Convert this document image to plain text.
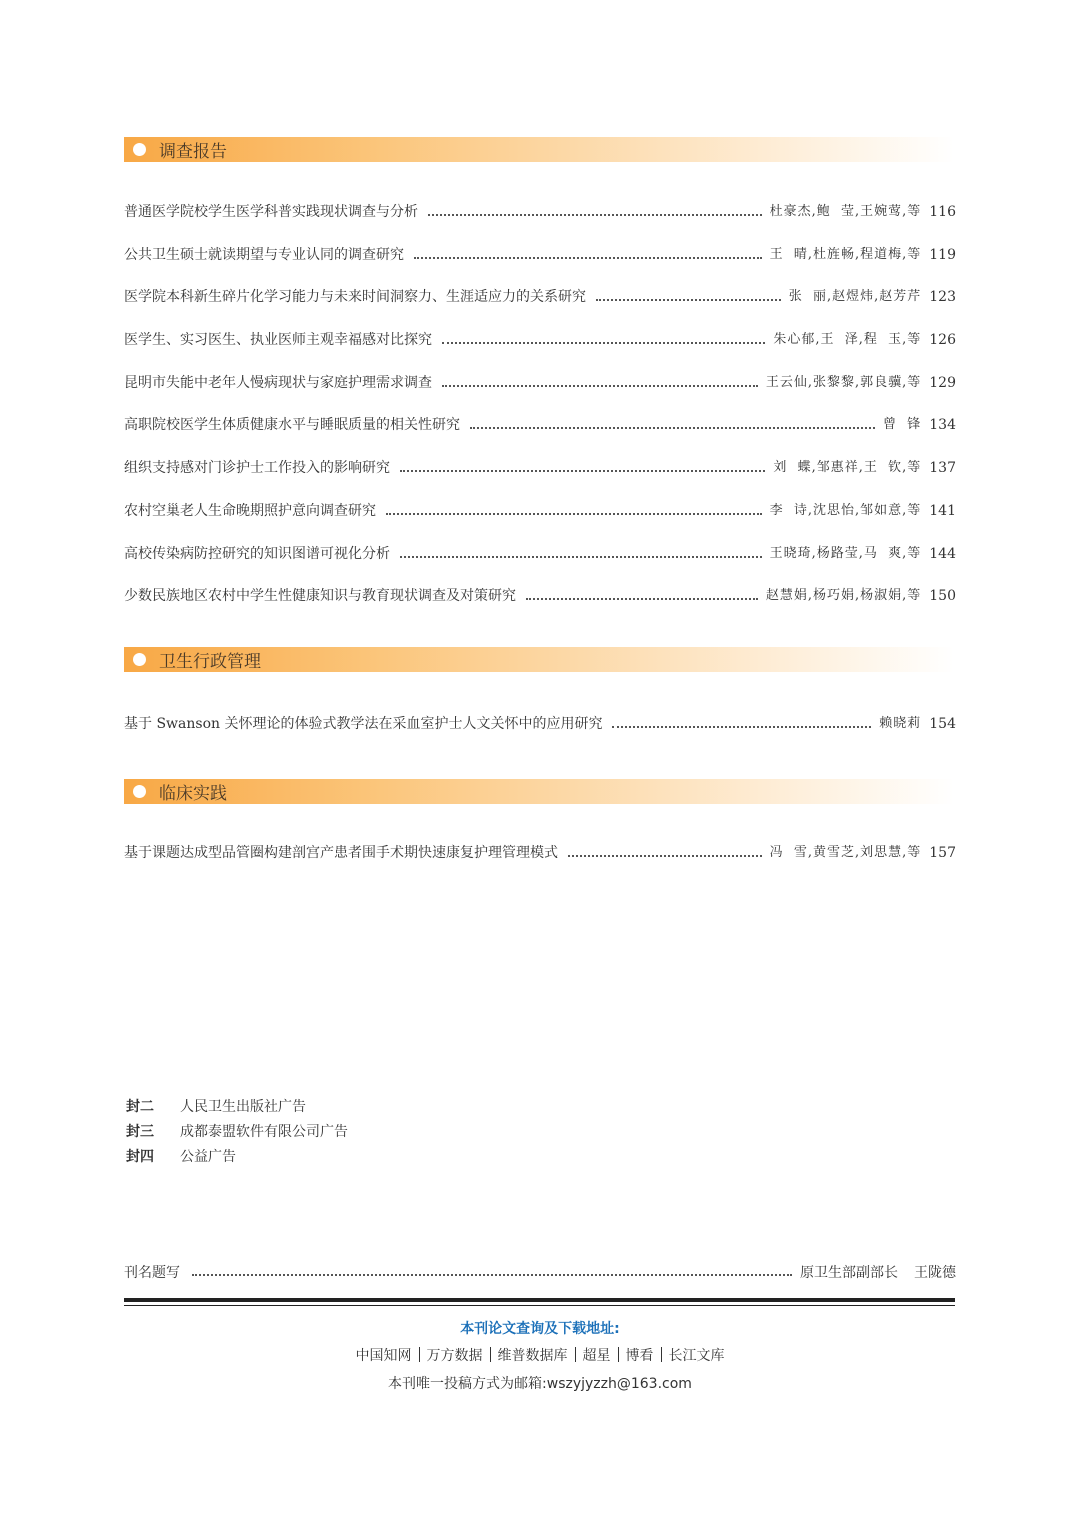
调查报告
卫生行政管理
临床实践
普通医学院校学生医学科普实践现状调查与分析	杜豪杰,鲍  莹,王婉莺,等 116
公共卫生硕士就读期望与专业认同的调查研究	王  晴,杜旌畅,程道梅,等 119
医学院本科新生碎片化学习能力与未来时间洞察力、生涯适应力的关系研究	张  丽,赵煜炜,赵芳芹 123
医学生、实习医生、执业医师主观幸福感对比探究	朱心郁,王  泽,程  玉,等 126
昆明市失能中老年人慢病现状与家庭护理需求调查	王云仙,张黎黎,郭良骥,等 129
高职院校医学生体质健康水平与睡眠质量的相关性研究	曾  锋 134
组织支持感对门诊护士工作投入的影响研究	刘  蝶,邹惠祥,王  钦,等 137
农村空巢老人生命晚期照护意向调查研究	李  诗,沈思怡,邹如意,等 141
高校传染病防控研究的知识图谱可视化分析	王晓琦,杨路莹,马  爽,等 144
少数民族地区农村中学生性健康知识与教育现状调查及对策研究	赵慧娟,杨巧娟,杨淑娟,等 150
基于 Swanson 关怀理论的体验式教学法在采血室护士人文关怀中的应用研究	赖晓莉 154
基于课题达成型品管圈构建剖宫产患者围手术期快速康复护理管理模式	冯  雪,黄雪芝,刘思慧,等 157
封二	人民卫生出版社广告
封三	成都泰盟软件有限公司广告
封四	公益广告
刊名题写	原卫生部副部长 王陇德
本刊论文查询及下载地址:
中国知网 万方数据 维普数据库 超星 博看 长江文库
本刊唯一投稿方式为邮箱:wszyjyzzh@163.com
